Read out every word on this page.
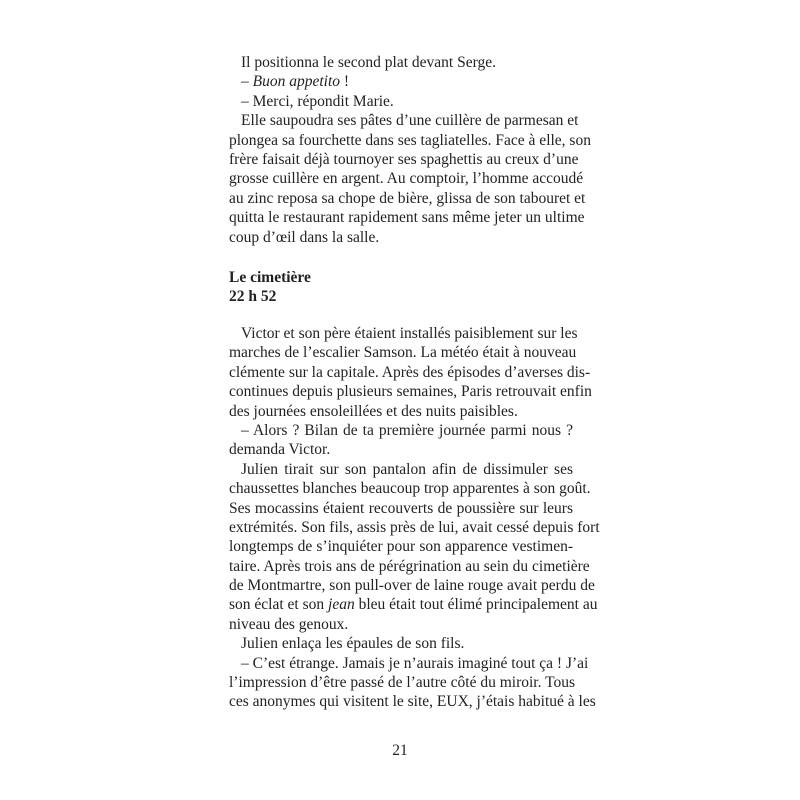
Il positionna le second plat devant Serge.
– Buon appetito !
– Merci, répondit Marie.
Elle saupoudra ses pâtes d’une cuillère de parmesan et
plongea sa fourchette dans ses tagliatelles. Face à elle, son
frère faisait déjà tournoyer ses spaghettis au creux d’une
grosse cuillère en argent. Au comptoir, l’homme accoudé
au zinc reposa sa chope de bière, glissa de son tabouret et
quitta le restaurant rapidement sans même jeter un ultime
coup d’œil dans la salle.
Le cimetière
22 h 52
Victor et son père étaient installés paisiblement sur les
marches de l’escalier Samson. La météo était à nouveau
clémente sur la capitale. Après des épisodes d’averses dis-
continues depuis plusieurs semaines, Paris retrouvait enfin
des journées ensoleillées et des nuits paisibles.
– Alors ? Bilan de ta première journée parmi nous ?
demanda Victor.
Julien tirait sur son pantalon afin de dissimuler ses
chaussettes blanches beaucoup trop apparentes à son goût.
Ses mocassins étaient recouverts de poussière sur leurs
extrémités. Son fils, assis près de lui, avait cessé depuis fort
longtemps de s’inquiéter pour son apparence vestimen-
taire. Après trois ans de pérégrination au sein du cimetière
de Montmartre, son pull-over de laine rouge avait perdu de
son éclat et son jean bleu était tout élimé principalement au
niveau des genoux.
Julien enlaça les épaules de son fils.
– C’est étrange. Jamais je n’aurais imaginé tout ça ! J’ai
l’impression d’être passé de l’autre côté du miroir. Tous
ces anonymes qui visitent le site, EUX, j’étais habitué à les
21
